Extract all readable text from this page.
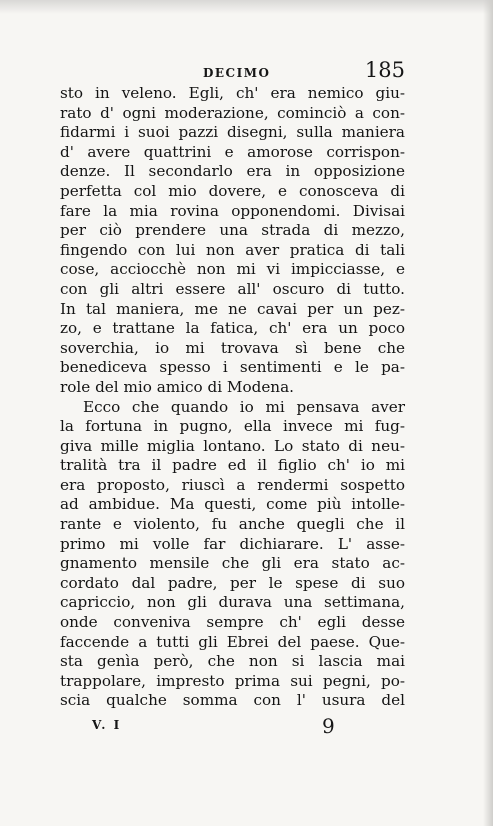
DECIMO	185
sto in veleno. Egli, ch' era nemico giu-
rato d' ogni moderazione, cominciò a con-
fidarmi i suoi pazzi disegni, sulla maniera
d' avere quattrini e amorose corrispon-
denze. Il secondarlo era in opposizione
perfetta col mio dovere, e conosceva di
fare la mia rovina opponendomi. Divisai
per ciò prendere una strada di mezzo,
fingendo con lui non aver pratica di tali
cose, acciocchè non mi vi impicciasse, e
con gli altri essere all' oscuro di tutto.
In tal maniera, me ne cavai per un pez-
zo, e trattane la fatica, ch' era un poco
soverchia, io mi trovava sì bene che
benediceva spesso i sentimenti e le pa-
role del mio amico di Modena.
Ecco che quando io mi pensava aver
la fortuna in pugno, ella invece mi fug-
giva mille miglia lontano. Lo stato di neu-
tralità tra il padre ed il figlio ch' io mi
era proposto, riuscì a rendermi sospetto
ad ambidue. Ma questi, come più intolle-
rante e violento, fu anche quegli che il
primo mi volle far dichiarare. L' asse-
gnamento mensile che gli era stato ac-
cordato dal padre, per le spese di suo
capriccio, non gli durava una settimana,
onde conveniva sempre ch' egli desse
faccende a tutti gli Ebrei del paese. Que-
sta genìa però, che non si lascia mai
trappolare, impresto prima sui pegni, po-
scia qualche somma con l' usura del
V. I	9
